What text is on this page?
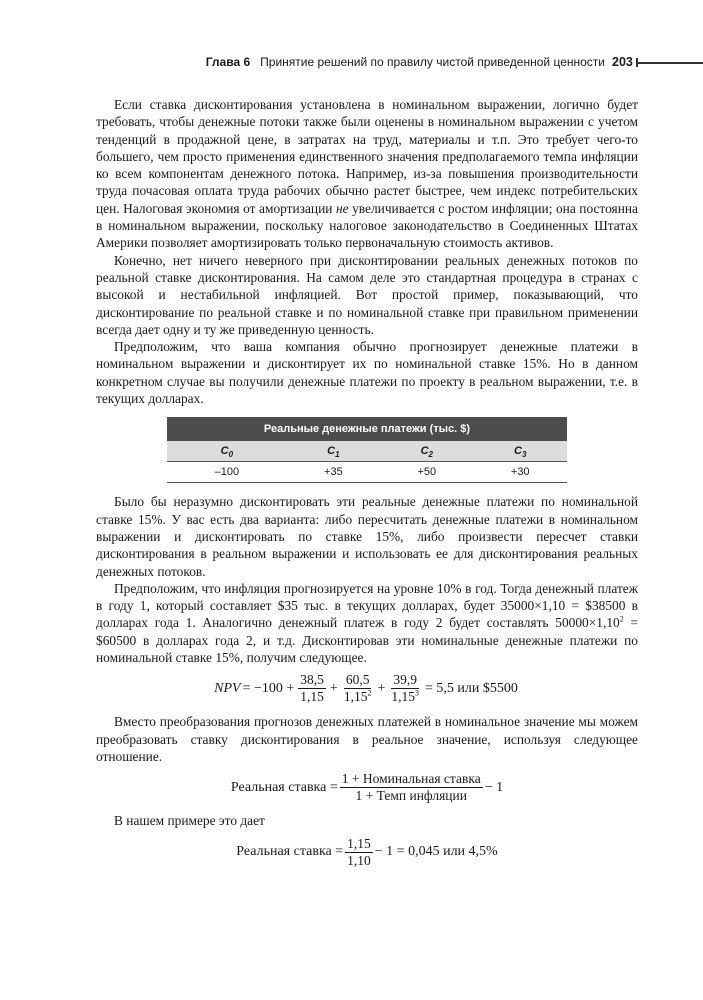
Глава 6 Принятие решений по правилу чистой приведенной ценности 203

Если ставка дисконтирования установлена в номинальном выражении, логично будет требовать, чтобы денежные потоки также были оценены в номинальном выражении с учетом тенденций в продажной цене, в затратах на труд, материалы и т.п. Это требует чего-то большего, чем просто применения единственного значения предполагаемого темпа инфляции ко всем компонентам денежного потока. Например, из-за повышения производительности труда почасовая оплата труда рабочих обычно растет быстрее, чем индекс потребительских цен. Налоговая экономия от амортизации не увеличивается с ростом инфляции; она постоянна в номинальном выражении, поскольку налоговое законодательство в Соединенных Штатах Америки позволяет амортизировать только первоначальную стоимость активов.

Конечно, нет ничего неверного при дисконтировании реальных денежных потоков по реальной ставке дисконтирования. На самом деле это стандартная процедура в странах с высокой и нестабильной инфляцией. Вот простой пример, показывающий, что дисконтирование по реальной ставке и по номинальной ставке при правильном применении всегда дает одну и ту же приведенную ценность.

Предположим, что ваша компания обычно прогнозирует денежные платежи в номинальном выражении и дисконтирует их по номинальной ставке 15%. Но в данном конкретном случае вы получили денежные платежи по проекту в реальном выражении, т.е. в текущих долларах.

Реальные денежные платежи (тыс. $)			
$C_0$	$C_1$	$C_2$	$C_3$
–100	+35	+50	+30

Было бы неразумно дисконтировать эти реальные денежные платежи по номинальной ставке 15%. У вас есть два варианта: либо пересчитать денежные платежи в номинальном выражении и дисконтировать по ставке 15%, либо произвести пересчет ставки дисконтирования в реальном выражении и использовать ее для дисконтирования реальных денежных потоков.

Предположим, что инфляция прогнозируется на уровне 10% в год. Тогда денежный платеж в году 1, который составляет $35 тыс. в текущих долларах, будет 35000×1,10 = $38500 в долларах года 1. Аналогично денежный платеж в году 2 будет составлять $50000\times 1,10^2$ = $60500 в долларах года 2, и т.д. Дисконтировав эти номинальные денежные платежи по номинальной ставке 15%, получим следующее.

NPV = $-100 + \frac{38,5}{1,15} + \frac{60,5}{1,15^2} + \frac{39,9}{1,15^3} = 5,5$ или $5500

Вместо преобразования прогнозов денежных платежей в номинальное значение мы можем преобразовать ставку дисконтирования в реальное значение, используя следующее отношение.

Реальная ставка = $\frac{\text{1 + Номинальная ставка}}{\text{1 + Темп инфляции}} - 1$

В нашем примере это дает

Реальная ставка = $\frac{1,15}{1,10} - 1 = 0,045$ или 4,5%
